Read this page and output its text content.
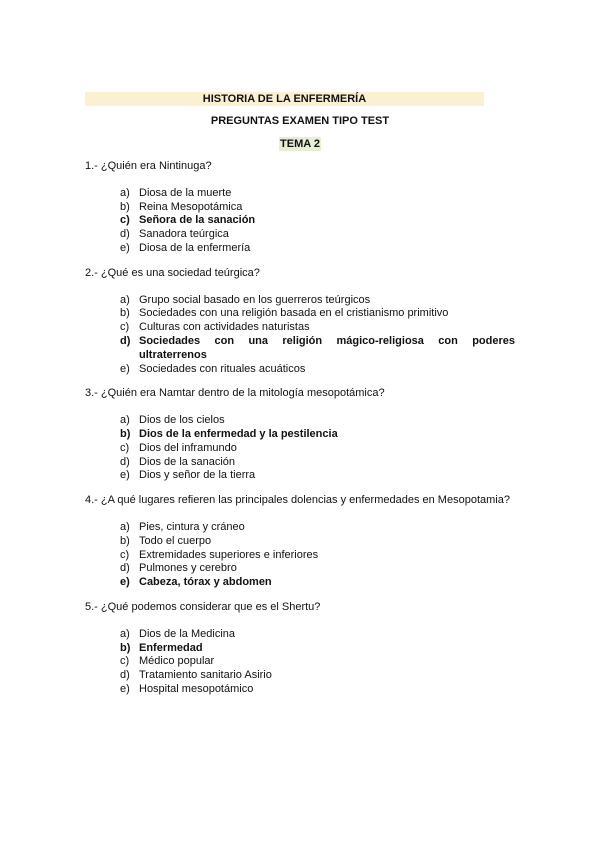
HISTORIA DE LA ENFERMERÍA
PREGUNTAS EXAMEN TIPO TEST
TEMA 2
1.- ¿Quién era Nintinuga?
a) Diosa de la muerte
b) Reina Mesopotámica
c) Señora de la sanación
d) Sanadora teúrgica
e) Diosa de la enfermería
2.- ¿Qué es una sociedad teúrgica?
a) Grupo social basado en los guerreros teúrgicos
b) Sociedades con una religión basada en el cristianismo primitivo
c) Culturas con actividades naturistas
d) Sociedades con una religión mágico-religiosa con poderes ultraterrenos
e) Sociedades con rituales acuáticos
3.- ¿Quién era Namtar dentro de la mitología mesopotámica?
a) Dios de los cielos
b) Dios de la enfermedad y la pestilencia
c) Dios del inframundo
d) Dios de la sanación
e) Dios y señor de la tierra
4.- ¿A qué lugares refieren las principales dolencias y enfermedades en Mesopotamia?
a) Pies, cintura y cráneo
b) Todo el cuerpo
c) Extremidades superiores e inferiores
d) Pulmones y cerebro
e) Cabeza, tórax y abdomen
5.- ¿Qué podemos considerar que es el Shertu?
a) Dios de la Medicina
b) Enfermedad
c) Médico popular
d) Tratamiento sanitario Asirio
e) Hospital mesopotámico
